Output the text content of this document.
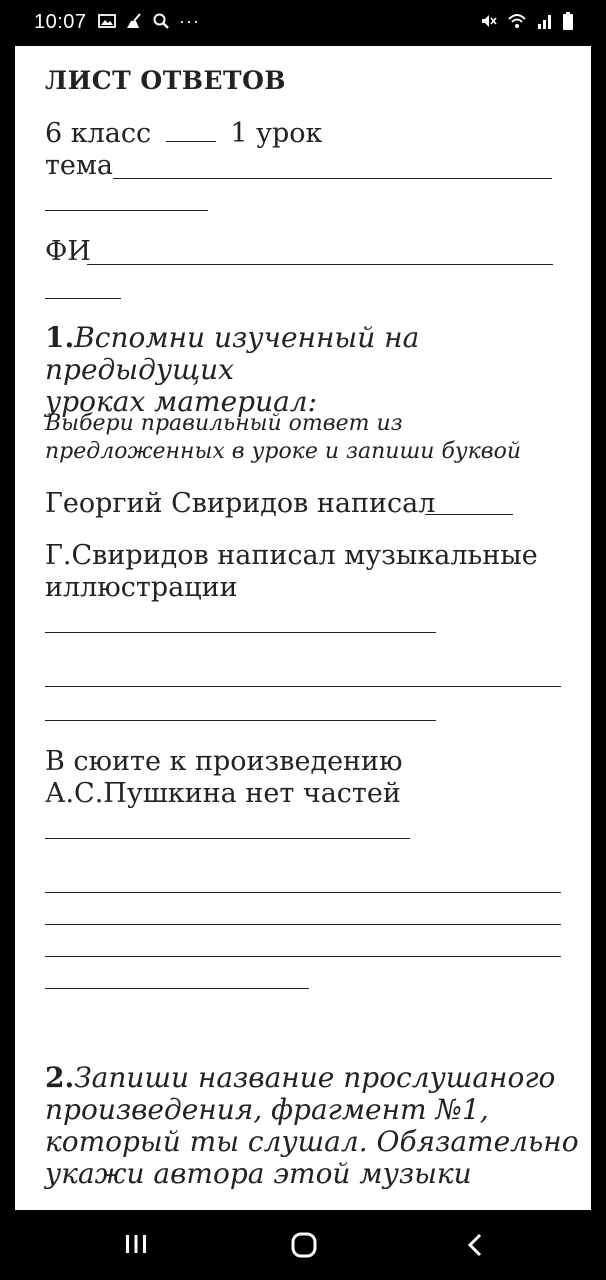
10:07	···

ЛИСТ ОТВЕТОВ

6 класс	1 урок
тема
ФИ
1.Вспомни изученный на предыдущих
уроках материал:
Выбери правильный ответ из
предложенных в уроке и запиши буквой
Георгий Свиридов написал
Г.Свиридов написал музыкальные
иллюстрации
В сюите к произведению
А.С.Пушкина нет частей
2.Запиши название прослушаного
произведения, фрагмент №1,
который ты слушал. Обязательно
укажи автора этой музыки
